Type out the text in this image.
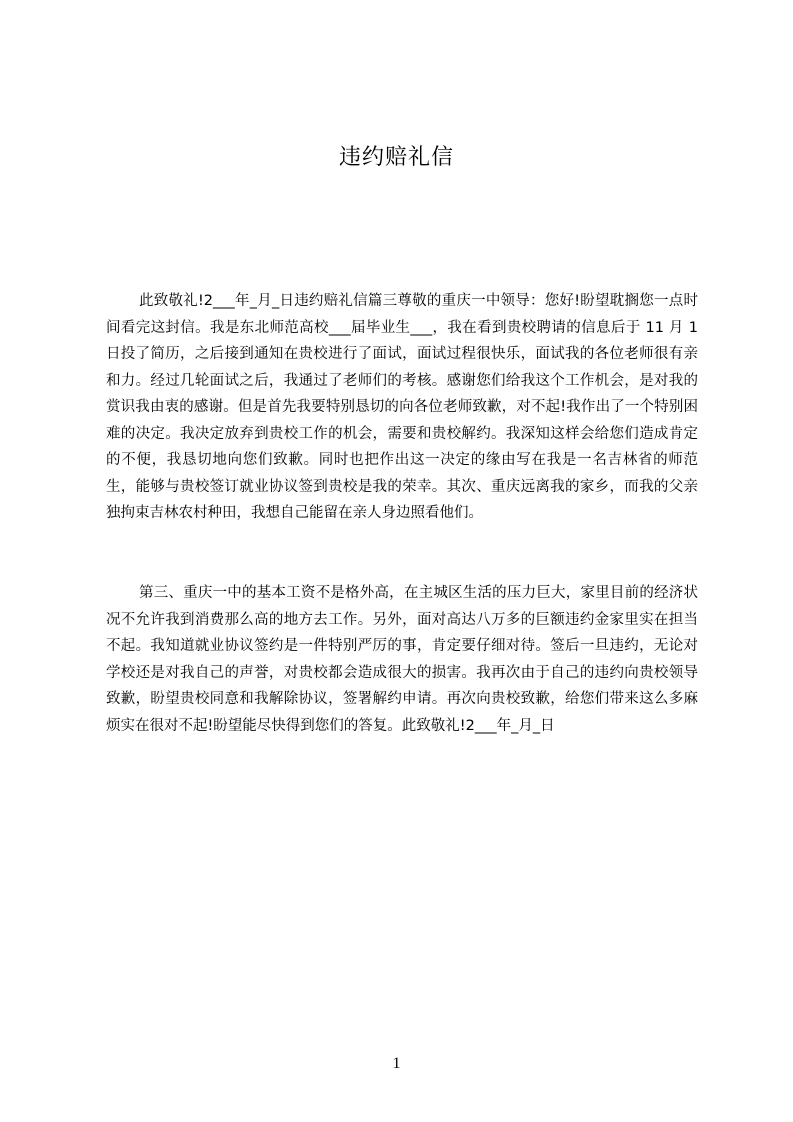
违约赔礼信

此致敬礼!2___年_月_日违约赔礼信篇三尊敬的重庆一中领导：您好!盼望耽搁您一点时间看完这封信。我是东北师范高校___届毕业生___，我在看到贵校聘请的信息后于 11 月 1 日投了简历，之后接到通知在贵校进行了面试，面试过程很快乐，面试我的各位老师很有亲和力。经过几轮面试之后，我通过了老师们的考核。感谢您们给我这个工作机会，是对我的赏识我由衷的感谢。但是首先我要特别恳切的向各位老师致歉，对不起!我作出了一个特别困难的决定。我决定放弃到贵校工作的机会，需要和贵校解约。我深知这样会给您们造成肯定的不便，我恳切地向您们致歉。同时也把作出这一决定的缘由写在我是一名吉林省的师范生，能够与贵校签订就业协议签到贵校是我的荣幸。其次、重庆远离我的家乡，而我的父亲独拘束吉林农村种田，我想自己能留在亲人身边照看他们。

第三、重庆一中的基本工资不是格外高，在主城区生活的压力巨大，家里目前的经济状况不允许我到消费那么高的地方去工作。另外，面对高达八万多的巨额违约金家里实在担当不起。我知道就业协议签约是一件特别严厉的事，肯定要仔细对待。签后一旦违约，无论对学校还是对我自己的声誉，对贵校都会造成很大的损害。我再次由于自己的违约向贵校领导致歉，盼望贵校同意和我解除协议，签署解约申请。再次向贵校致歉，给您们带来这么多麻烦实在很对不起!盼望能尽快得到您们的答复。此致敬礼!2___年_月_日

1
